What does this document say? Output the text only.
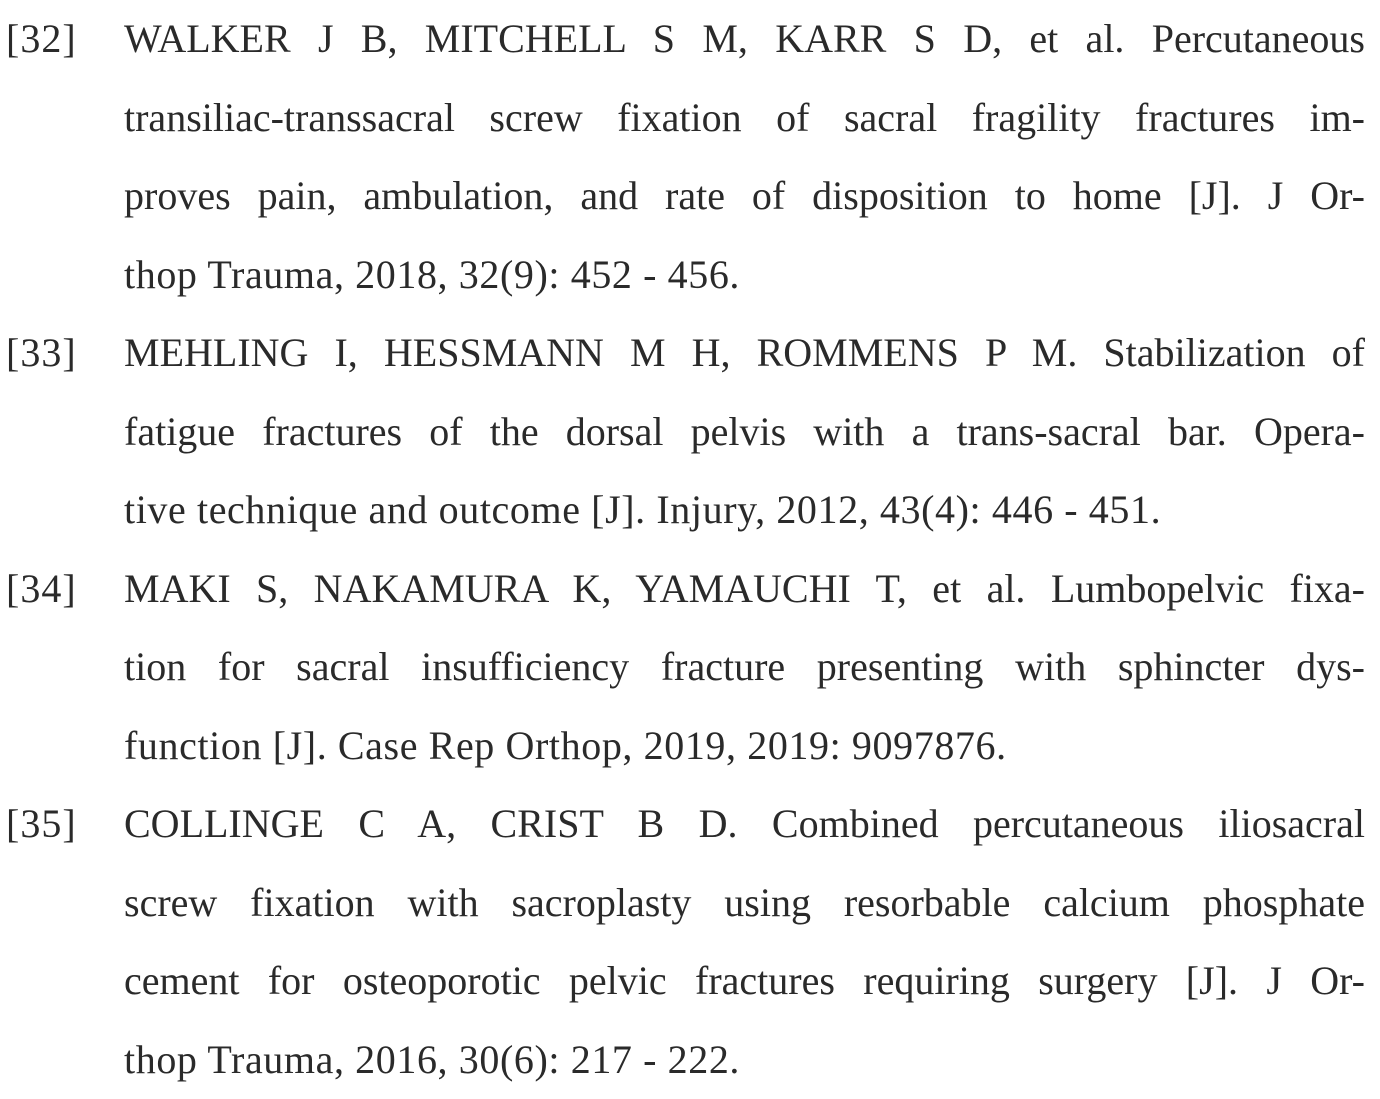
[32] WALKER J B, MITCHELL S M, KARR S D, et al. Percutaneous
transiliac-transsacral screw fixation of sacral fragility fractures im-
proves pain, ambulation, and rate of disposition to home [J]. J Or-
thop Trauma, 2018, 32(9): 452 - 456.
[33] MEHLING I, HESSMANN M H, ROMMENS P M. Stabilization of
fatigue fractures of the dorsal pelvis with a trans-sacral bar. Opera-
tive technique and outcome [J]. Injury, 2012, 43(4): 446 - 451.
[34] MAKI S, NAKAMURA K, YAMAUCHI T, et al. Lumbopelvic fixa-
tion for sacral insufficiency fracture presenting with sphincter dys-
function [J]. Case Rep Orthop, 2019, 2019: 9097876.
[35] COLLINGE C A, CRIST B D. Combined percutaneous iliosacral
screw fixation with sacroplasty using resorbable calcium phosphate
cement for osteoporotic pelvic fractures requiring surgery [J]. J Or-
thop Trauma, 2016, 30(6): 217 - 222.
